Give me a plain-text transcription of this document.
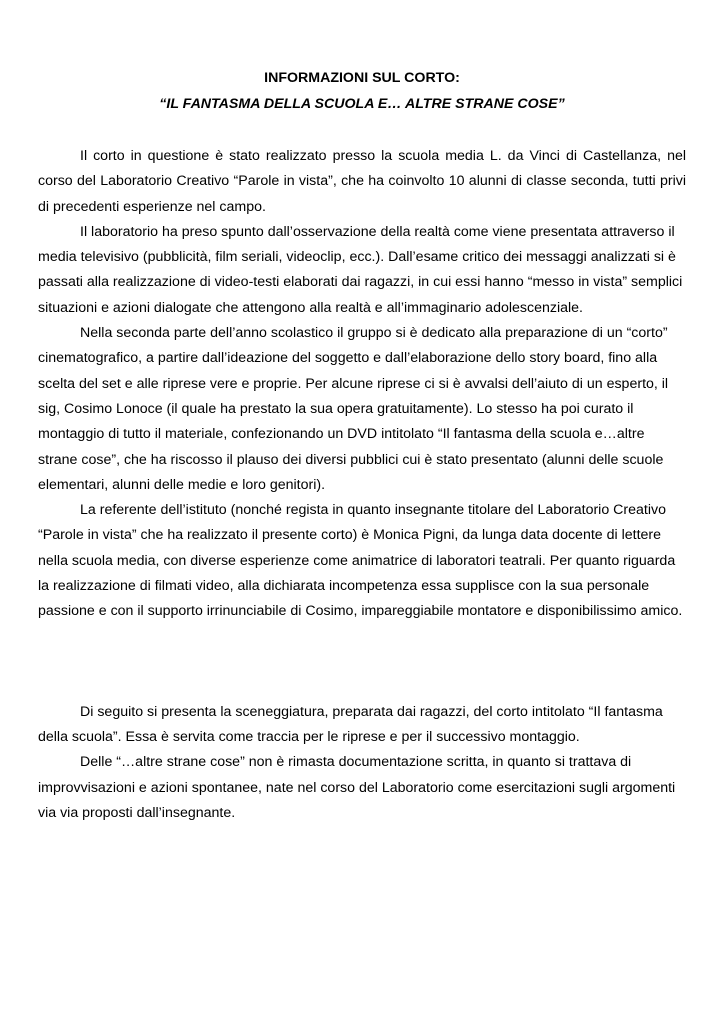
INFORMAZIONI SUL CORTO:
“IL FANTASMA DELLA SCUOLA E… ALTRE STRANE COSE”

Il corto in questione è stato realizzato presso la scuola media L. da Vinci di Castellanza, nel corso del Laboratorio Creativo “Parole in vista”, che ha coinvolto 10 alunni di classe seconda, tutti privi di precedenti esperienze nel campo.

Il laboratorio ha preso spunto dall’osservazione della realtà come viene presentata attraverso il media televisivo (pubblicità, film seriali, videoclip, ecc.). Dall’esame critico dei messaggi analizzati si è passati alla realizzazione di video-testi elaborati dai ragazzi, in cui essi hanno “messo in vista” semplici situazioni e azioni dialogate che attengono alla realtà e all’immaginario adolescenziale.

Nella seconda parte dell’anno scolastico il gruppo si è dedicato alla preparazione di un “corto” cinematografico, a partire dall’ideazione del soggetto e dall’elaborazione dello story board, fino alla scelta del set e alle riprese vere e proprie. Per alcune riprese ci si è avvalsi dell’aiuto di un esperto, il sig, Cosimo Lonoce (il quale ha prestato la sua opera gratuitamente). Lo stesso ha poi curato il montaggio di tutto il materiale, confezionando un DVD intitolato “Il fantasma della scuola e…altre strane cose”, che ha riscosso il plauso dei diversi pubblici cui è stato presentato (alunni delle scuole elementari, alunni delle medie e loro genitori).

La referente dell’istituto (nonché regista in quanto insegnante titolare del Laboratorio Creativo “Parole in vista” che ha realizzato il presente corto) è Monica Pigni, da lunga data docente di lettere nella scuola media, con diverse esperienze come animatrice di laboratori teatrali. Per quanto riguarda la realizzazione di filmati video, alla dichiarata incompetenza essa supplisce con la sua personale passione e con il supporto irrinunciabile di Cosimo, impareggiabile montatore e disponibilissimo amico.

Di seguito si presenta la sceneggiatura, preparata dai ragazzi, del corto intitolato “Il fantasma della scuola”. Essa è servita come traccia per le riprese e per il successivo montaggio.

Delle “…altre strane cose” non è rimasta documentazione scritta, in quanto si trattava di improvvisazioni e azioni spontanee, nate nel corso del Laboratorio come esercitazioni sugli argomenti via via proposti dall’insegnante.
